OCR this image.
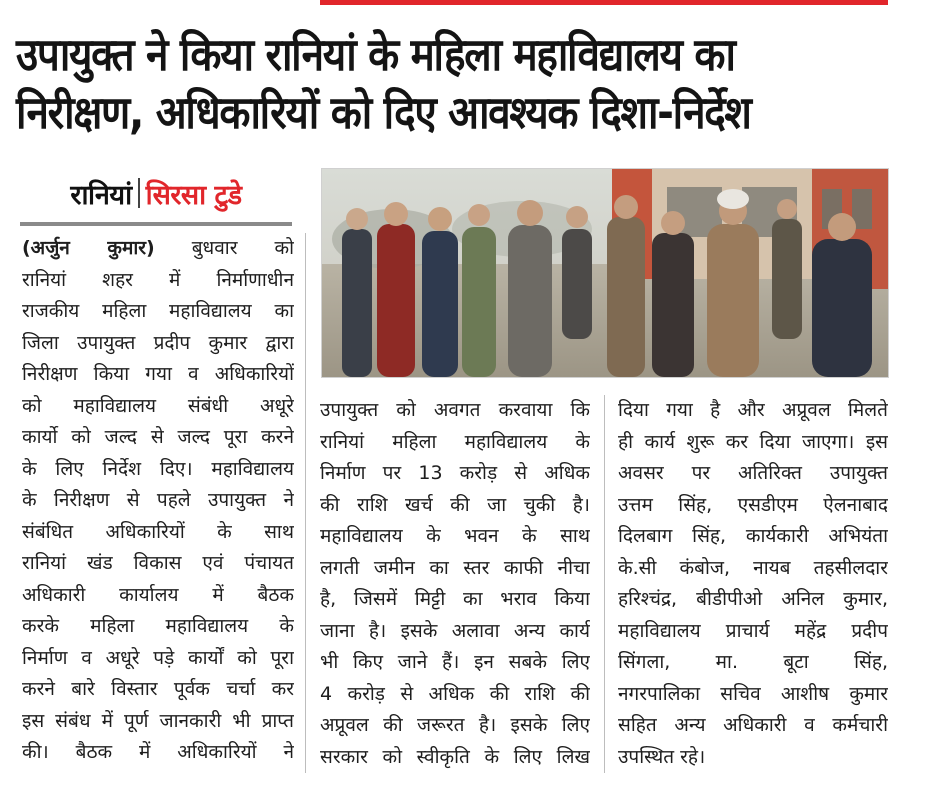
उपायुक्त ने किया रानियां के महिला महाविद्यालय का
निरीक्षण, अधिकारियों को दिए आवश्यक दिशा-निर्देश
रानियां सिरसा टुडे
(अर्जुन कुमार) बुधवार को
रानियां शहर में निर्माणाधीन
राजकीय महिला महाविद्यालय का
जिला उपायुक्त प्रदीप कुमार द्वारा
निरीक्षण किया गया व अधिकारियों
को महाविद्यालय संबंधी अधूरे
कार्यो को जल्द से जल्द पूरा करने
के लिए निर्देश दिए। महाविद्यालय
के निरीक्षण से पहले उपायुक्त ने
संबंधित अधिकारियों के साथ
रानियां खंड विकास एवं पंचायत
अधिकारी कार्यालय में बैठक
करके महिला महाविद्यालय के
निर्माण व अधूरे पड़े कार्यों को पूरा
करने बारे विस्तार पूर्वक चर्चा कर
इस संबंध में पूर्ण जानकारी भी प्राप्त
की। बैठक में अधिकारियों ने
उपायुक्त को अवगत करवाया कि
रानियां महिला महाविद्यालय के
निर्माण पर 13 करोड़ से अधिक
की राशि खर्च की जा चुकी है।
महाविद्यालय के भवन के साथ
लगती जमीन का स्तर काफी नीचा
है, जिसमें मिट्टी का भराव किया
जाना है। इसके अलावा अन्य कार्य
भी किए जाने हैं। इन सबके लिए
4 करोड़ से अधिक की राशि की
अप्रूवल की जरूरत है। इसके लिए
सरकार को स्वीकृति के लिए लिख
दिया गया है और अप्रूवल मिलते
ही कार्य शुरू कर दिया जाएगा। इस
अवसर पर अतिरिक्त उपायुक्त
उत्तम सिंह, एसडीएम ऐलनाबाद
दिलबाग सिंह, कार्यकारी अभियंता
के.सी कंबोज, नायब तहसीलदार
हरिश्चंद्र, बीडीपीओ अनिल कुमार,
महाविद्यालय प्राचार्य महेंद्र प्रदीप
सिंगला, मा. बूटा सिंह,
नगरपालिका सचिव आशीष कुमार
सहित अन्य अधिकारी व कर्मचारी
उपस्थित रहे।
